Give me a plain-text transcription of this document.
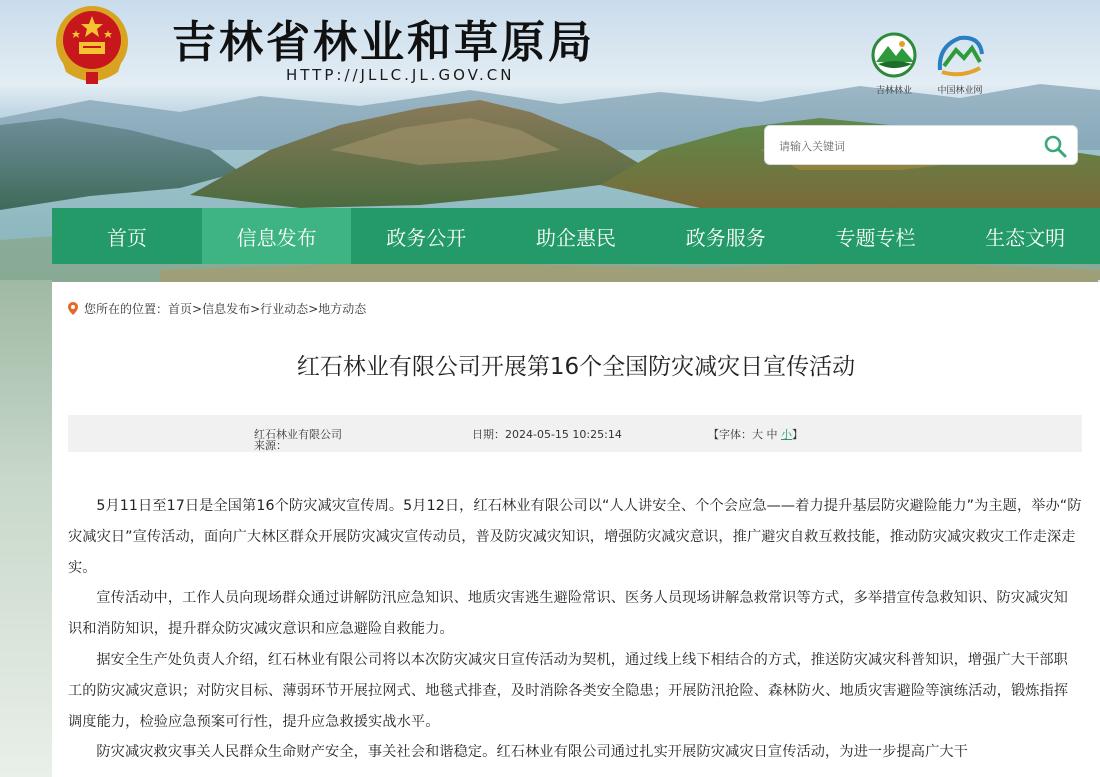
吉林省林业和草原局
HTTP://JLLC.JL.GOV.CN
吉林林业	中国林业网
请输入关键词
首页	信息发布	政务公开	助企惠民	政务服务	专题专栏	生态文明
您所在的位置：首页>信息发布>行业动态>地方动态
红石林业有限公司开展第16个全国防灾减灾日宣传活动
来源：
红石林业有限公司	日期：2024-05-15 10:25:14	【字体：大 中 小】

5月11日至17日是全国第16个防灾减灾宣传周。5月12日，红石林业有限公司以“人人讲安全、个个会应急——着力提升基层防灾避险能力”为主题，举办“防灾减灾日”宣传活动，面向广大林区群众开展防灾减灾宣传动员，普及防灾减灾知识，增强防灾减灾意识，推广避灾自救互救技能，推动防灾减灾救灾工作走深走实。

宣传活动中，工作人员向现场群众通过讲解防汛应急知识、地质灾害逃生避险常识、医务人员现场讲解急救常识等方式，多举措宣传急救知识、防灾减灾知识和消防知识，提升群众防灾减灾意识和应急避险自救能力。

据安全生产处负责人介绍，红石林业有限公司将以本次防灾减灾日宣传活动为契机，通过线上线下相结合的方式，推送防灾减灾科普知识，增强广大干部职工的防灾减灾意识；对防灾目标、薄弱环节开展拉网式、地毯式排查，及时消除各类安全隐患；开展防汛抢险、森林防火、地质灾害避险等演练活动，锻炼指挥调度能力，检验应急预案可行性，提升应急救援实战水平。

防灾减灾救灾事关人民群众生命财产安全，事关社会和谐稳定。红石林业有限公司通过扎实开展防灾减灾日宣传活动，为进一步提高广大干
